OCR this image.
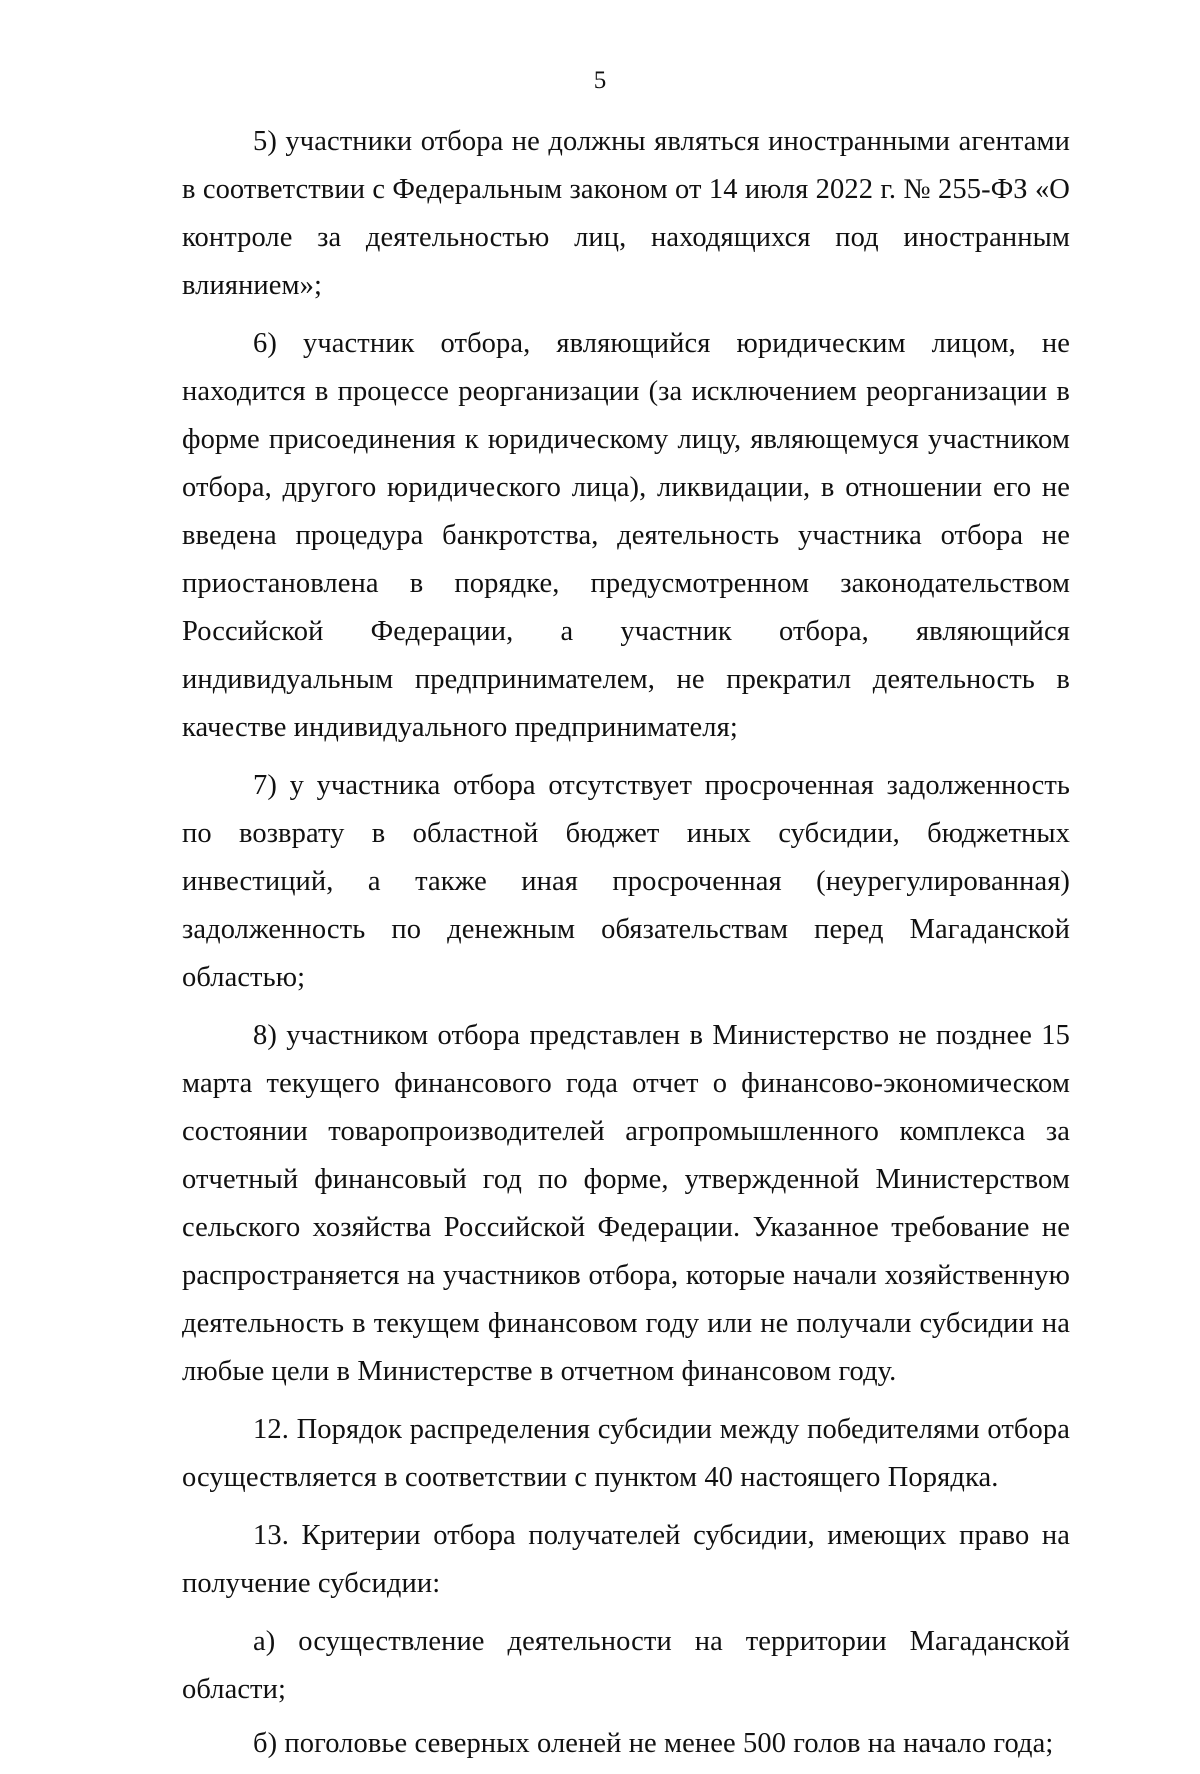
5

5) участники отбора не должны являться иностранными агентами в соответствии с Федеральным законом от 14 июля 2022 г. № 255-ФЗ «О контроле за деятельностью лиц, находящихся под иностранным влиянием»;

6) участник отбора, являющийся юридическим лицом, не находится в процессе реорганизации (за исключением реорганизации в форме присоединения к юридическому лицу, являющемуся участником отбора, другого юридического лица), ликвидации, в отношении его не введена процедура банкротства, деятельность участника отбора не приостановлена в порядке, предусмотренном законодательством Российской Федерации, а участник отбора, являющийся индивидуальным предпринимателем, не прекратил деятельность в качестве индивидуального предпринимателя;

7) у участника отбора отсутствует просроченная задолженность по возврату в областной бюджет иных субсидии, бюджетных инвестиций, а также иная просроченная (неурегулированная) задолженность по денежным обязательствам перед Магаданской областью;

8) участником отбора представлен в Министерство не позднее 15 марта текущего финансового года отчет о финансово-экономическом состоянии товаропроизводителей агропромышленного комплекса за отчетный финансовый год по форме, утвержденной Министерством сельского хозяйства Российской Федерации. Указанное требование не распространяется на участников отбора, которые начали хозяйственную деятельность в текущем финансовом году или не получали субсидии на любые цели в Министерстве в отчетном финансовом году.

12. Порядок распределения субсидии между победителями отбора осуществляется в соответствии с пунктом 40 настоящего Порядка.

13. Критерии отбора получателей субсидии, имеющих право на получение субсидии:

а) осуществление деятельности на территории Магаданской области;

б) поголовье северных оленей не менее 500 голов на начало года;
